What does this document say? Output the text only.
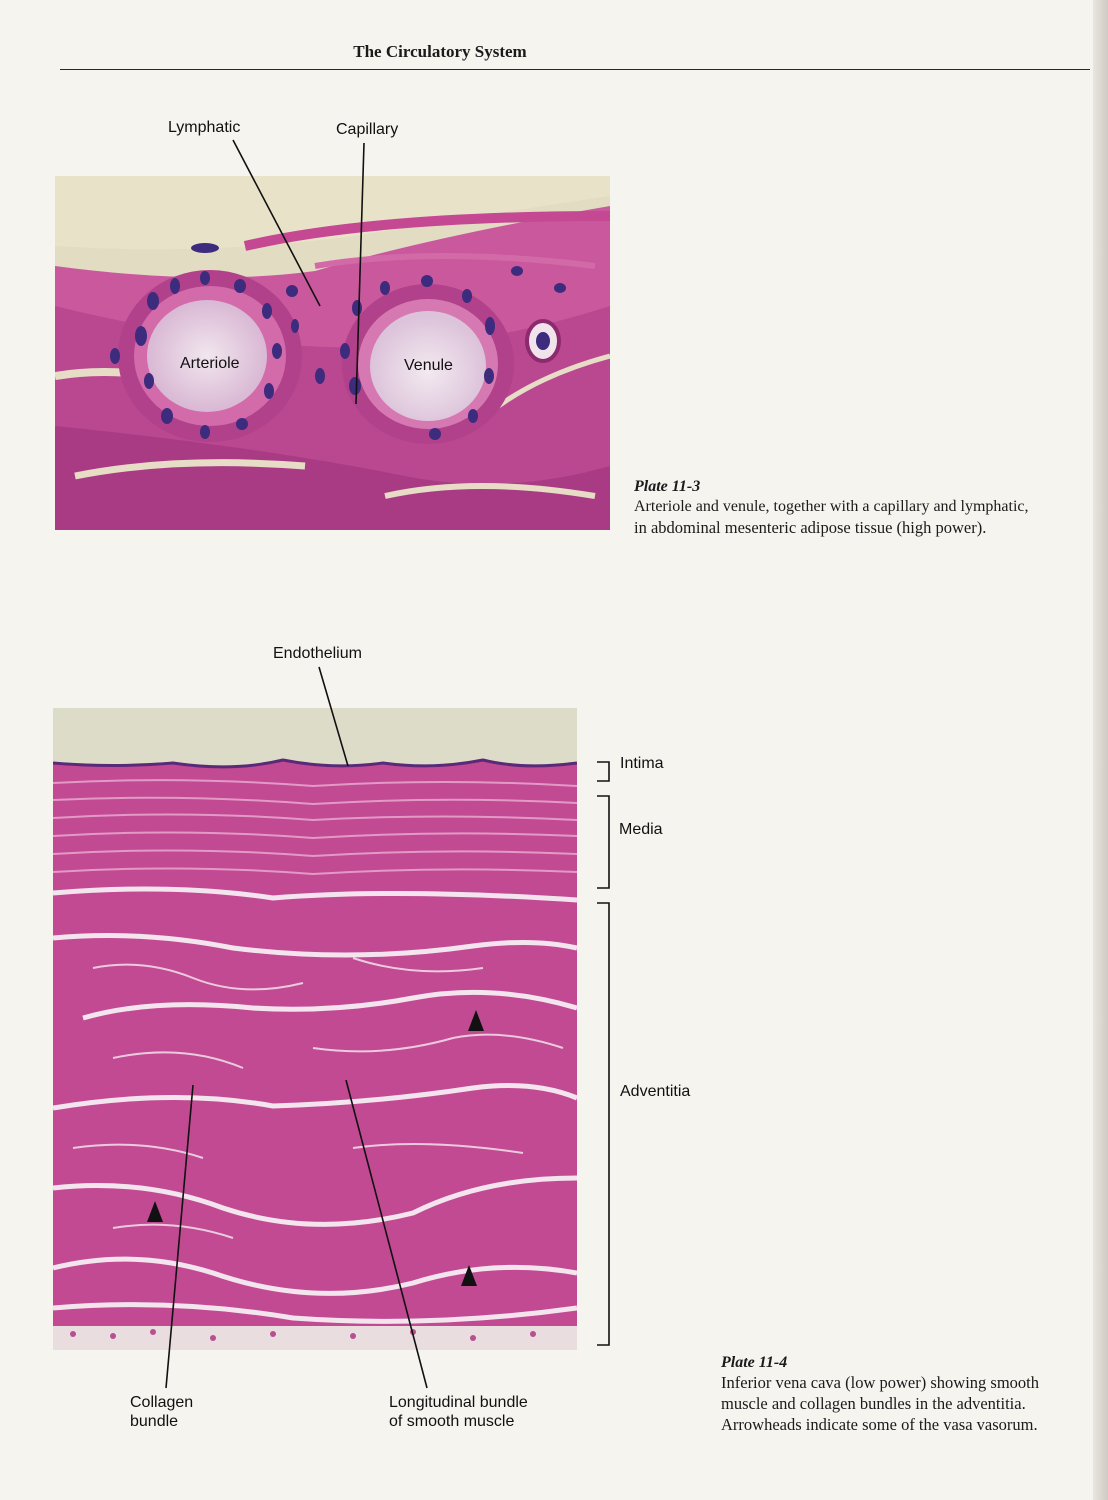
The Circulatory System
Lymphatic	Capillary
Arteriole	Venule
Plate 11-3
Arteriole and venule, together with a capillary and lymphatic,
in abdominal mesenteric adipose tissue (high power).
Endothelium
Intima
Media
Adventitia
Collagen
bundle
Longitudinal bundle
of smooth muscle
Plate 11-4
Inferior vena cava (low power) showing smooth
muscle and collagen bundles in the adventitia.
Arrowheads indicate some of the vasa vasorum.
